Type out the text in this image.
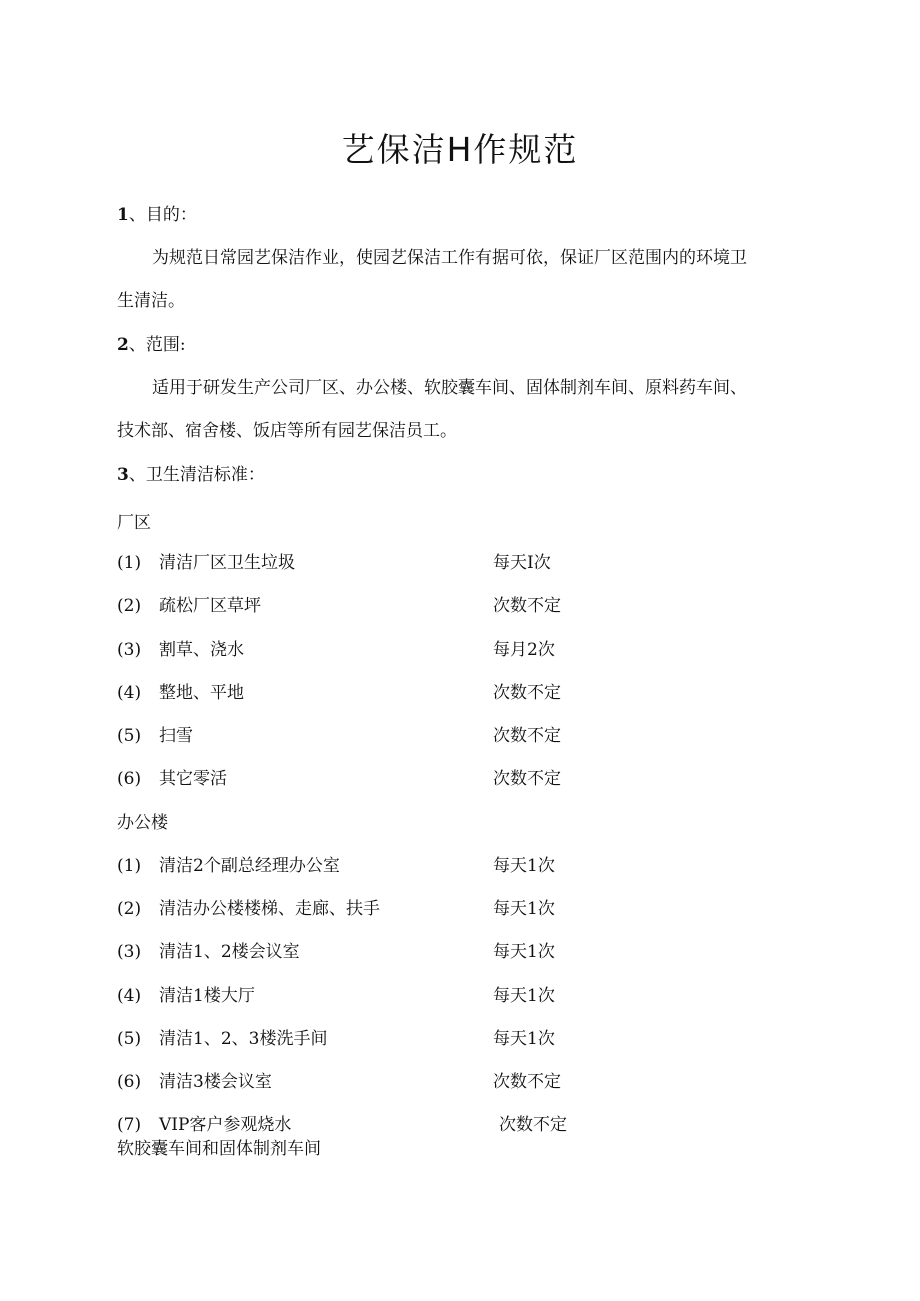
艺保洁H作规范
1、目的：
为规范日常园艺保洁作业，使园艺保洁工作有据可依，保证厂区范围内的环境卫
生清洁。
2、范围:
适用于研发生产公司厂区、办公楼、软胶囊车间、固体制剂车间、原料药车间、
技术部、宿舍楼、饭店等所有园艺保洁员工。
3、卫生清洁标准：
厂区
(1) 清洁厂区卫生垃圾	每天I次
(2) 疏松厂区草坪	次数不定
(3) 割草、浇水	每月2次
(4) 整地、平地	次数不定
(5) 扫雪	次数不定
(6) 其它零活	次数不定
办公楼
(1) 清洁2个副总经理办公室	每天1次
(2) 清洁办公楼楼梯、走廊、扶手	每天1次
(3) 清洁1、2楼会议室	每天1次
(4) 清洁1楼大厅	每天1次
(5) 清洁1、2、3楼洗手间	每天1次
(6) 清洁3楼会议室	次数不定
(7) VIP客户参观烧水	次数不定
软胶囊车间和固体制剂车间
